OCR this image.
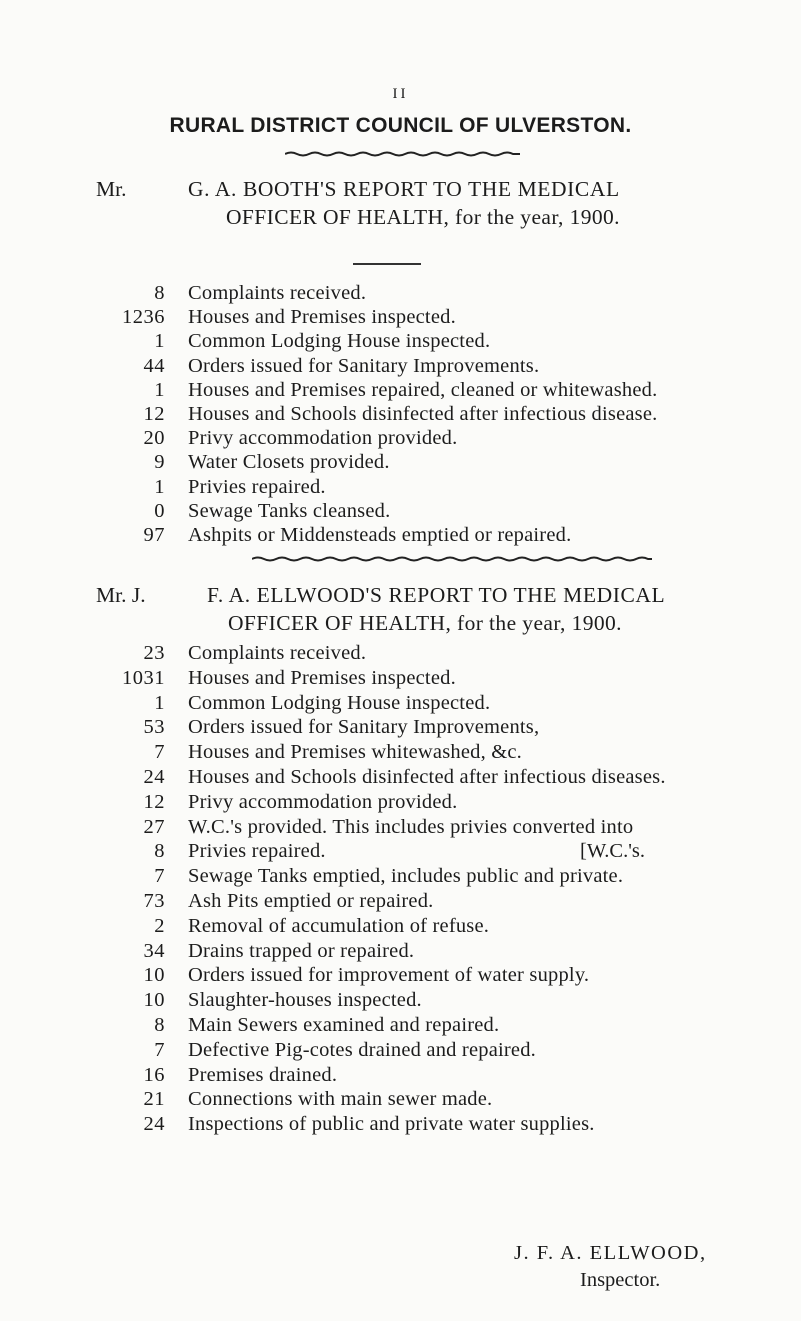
II
RURAL DISTRICT COUNCIL OF ULVERSTON.
Mr.	G. A. BOOTH'S REPORT TO THE MEDICAL
OFFICER OF HEALTH, for the year, 1900.
8 Complaints received.
1236 Houses and Premises inspected.
1 Common Lodging House inspected.
44 Orders issued for Sanitary Improvements.
1 Houses and Premises repaired, cleaned or whitewashed.
12 Houses and Schools disinfected after infectious disease.
20 Privy accommodation provided.
9 Water Closets provided.
1 Privies repaired.
0 Sewage Tanks cleansed.
97 Ashpits or Middensteads emptied or repaired.
Mr. J.	F. A. ELLWOOD'S REPORT TO THE MEDICAL
OFFICER OF HEALTH, for the year, 1900.
23 Complaints received.
1031 Houses and Premises inspected.
1 Common Lodging House inspected.
53 Orders issued for Sanitary Improvements,
7 Houses and Premises whitewashed, &c.
24 Houses and Schools disinfected after infectious diseases.
12 Privy accommodation provided.
27 W.C.'s provided. This includes privies converted into
8 Privies repaired.	[W.C.'s.
7 Sewage Tanks emptied, includes public and private.
73 Ash Pits emptied or repaired.
2 Removal of accumulation of refuse.
34 Drains trapped or repaired.
10 Orders issued for improvement of water supply.
10 Slaughter-houses inspected.
8 Main Sewers examined and repaired.
7 Defective Pig-cotes drained and repaired.
16 Premises drained.
21 Connections with main sewer made.
24 Inspections of public and private water supplies.
J. F. A. ELLWOOD,
Inspector.
